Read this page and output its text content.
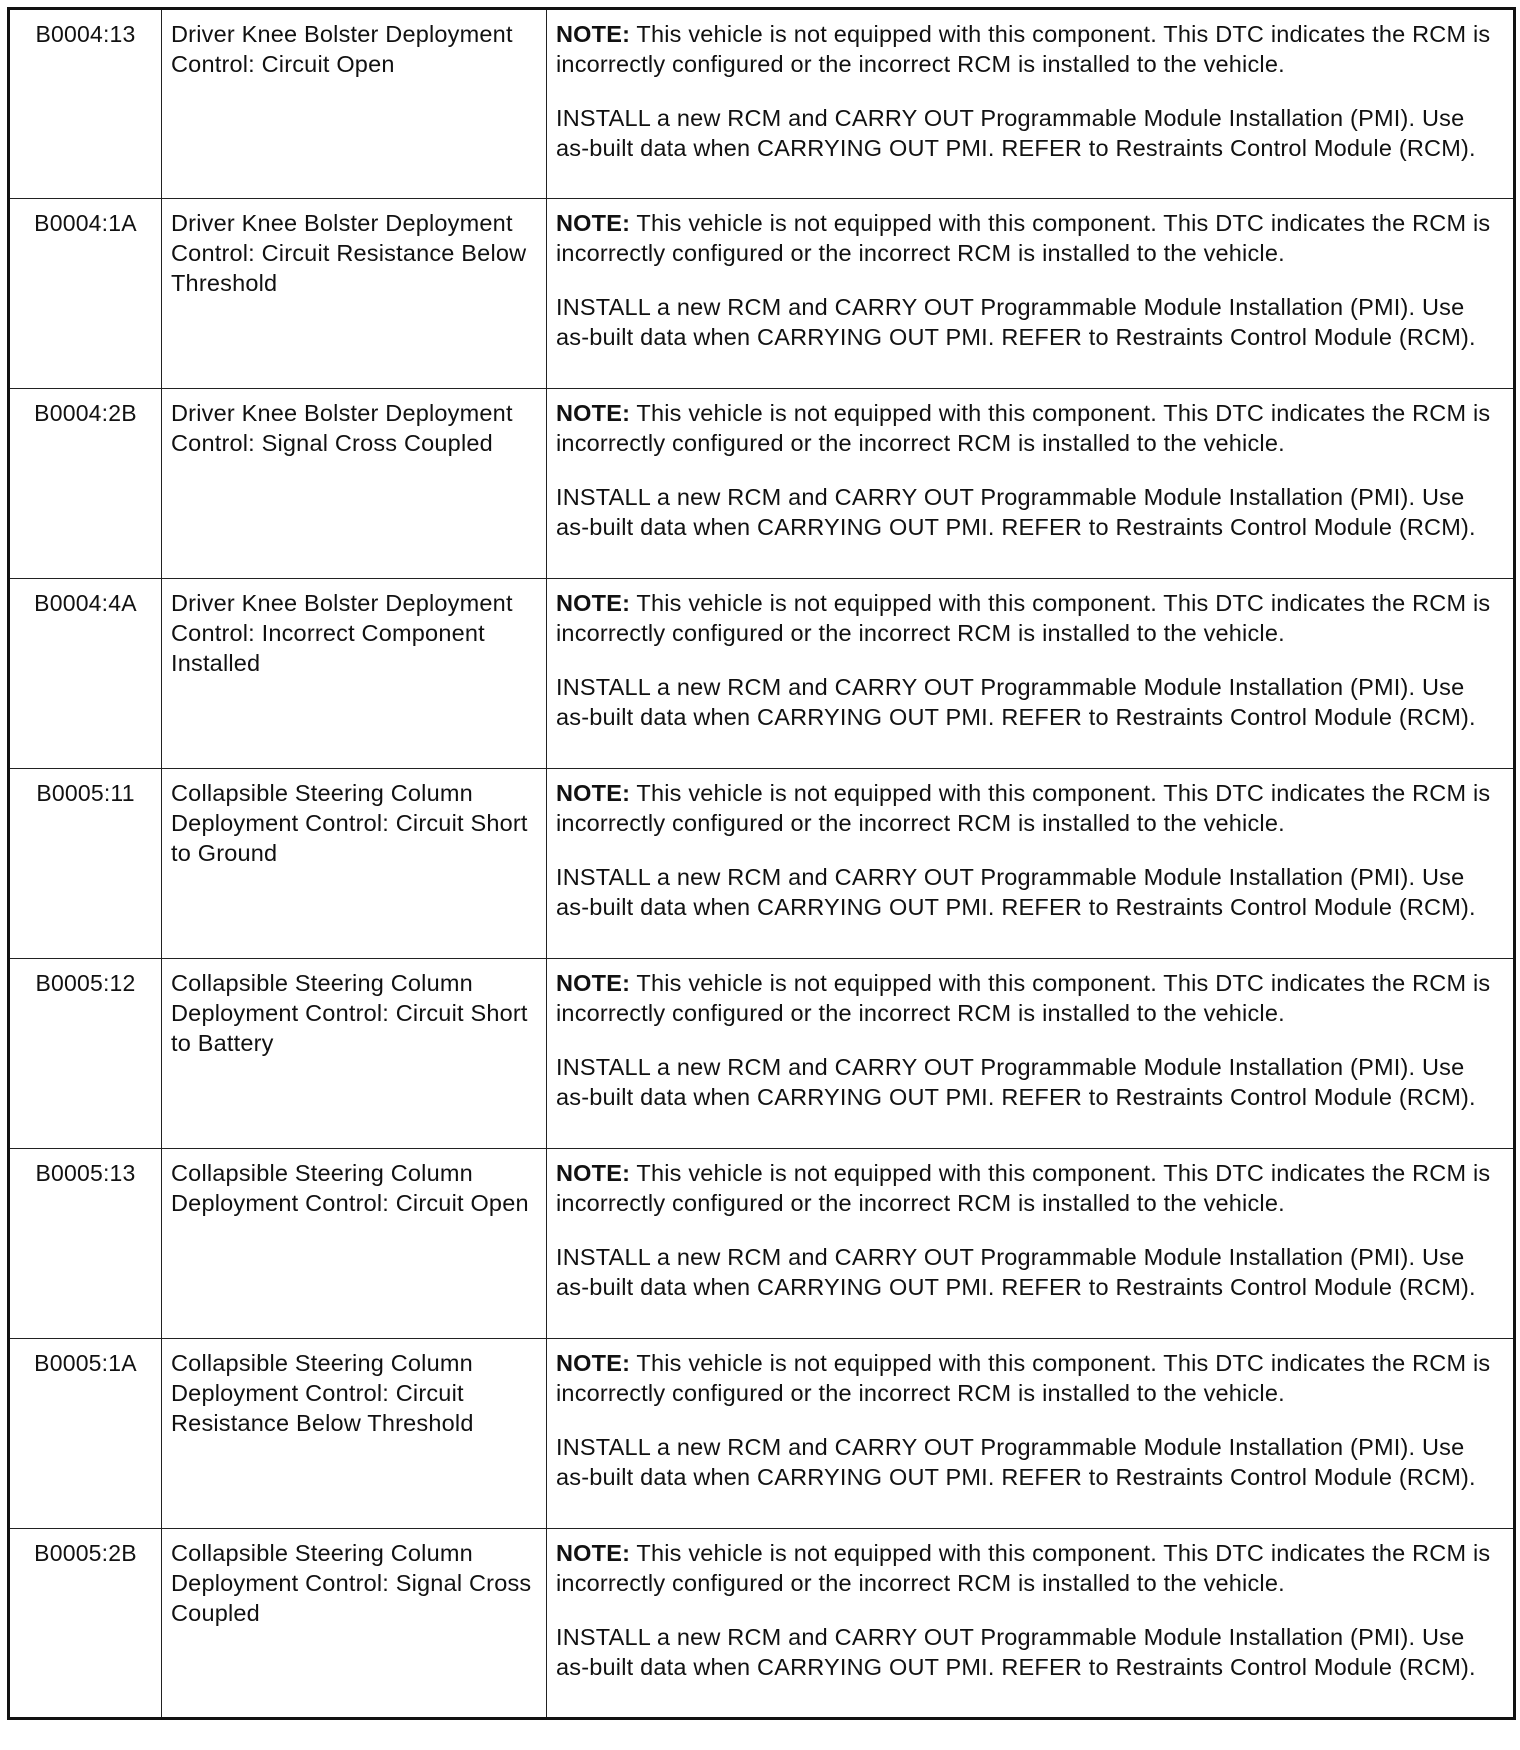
B0004:13	Driver Knee Bolster Deployment Control: Circuit Open	NOTE: This vehicle is not equipped with this component. This DTC indicates the RCM is incorrectly configured or the incorrect RCM is installed to the vehicle.

INSTALL a new RCM and CARRY OUT Programmable Module Installation (PMI). Use as-built data when CARRYING OUT PMI. REFER to Restraints Control Module (RCM).

B0004:1A	Driver Knee Bolster Deployment Control: Circuit Resistance Below Threshold	NOTE: This vehicle is not equipped with this component. This DTC indicates the RCM is incorrectly configured or the incorrect RCM is installed to the vehicle.

INSTALL a new RCM and CARRY OUT Programmable Module Installation (PMI). Use as-built data when CARRYING OUT PMI. REFER to Restraints Control Module (RCM).

B0004:2B	Driver Knee Bolster Deployment Control: Signal Cross Coupled	NOTE: This vehicle is not equipped with this component. This DTC indicates the RCM is incorrectly configured or the incorrect RCM is installed to the vehicle.

INSTALL a new RCM and CARRY OUT Programmable Module Installation (PMI). Use as-built data when CARRYING OUT PMI. REFER to Restraints Control Module (RCM).

B0004:4A	Driver Knee Bolster Deployment Control: Incorrect Component Installed	NOTE: This vehicle is not equipped with this component. This DTC indicates the RCM is incorrectly configured or the incorrect RCM is installed to the vehicle.

INSTALL a new RCM and CARRY OUT Programmable Module Installation (PMI). Use as-built data when CARRYING OUT PMI. REFER to Restraints Control Module (RCM).

B0005:11	Collapsible Steering Column Deployment Control: Circuit Short to Ground	NOTE: This vehicle is not equipped with this component. This DTC indicates the RCM is incorrectly configured or the incorrect RCM is installed to the vehicle.

INSTALL a new RCM and CARRY OUT Programmable Module Installation (PMI). Use as-built data when CARRYING OUT PMI. REFER to Restraints Control Module (RCM).

B0005:12	Collapsible Steering Column Deployment Control: Circuit Short to Battery	NOTE: This vehicle is not equipped with this component. This DTC indicates the RCM is incorrectly configured or the incorrect RCM is installed to the vehicle.

INSTALL a new RCM and CARRY OUT Programmable Module Installation (PMI). Use as-built data when CARRYING OUT PMI. REFER to Restraints Control Module (RCM).

B0005:13	Collapsible Steering Column Deployment Control: Circuit Open	NOTE: This vehicle is not equipped with this component. This DTC indicates the RCM is incorrectly configured or the incorrect RCM is installed to the vehicle.

INSTALL a new RCM and CARRY OUT Programmable Module Installation (PMI). Use as-built data when CARRYING OUT PMI. REFER to Restraints Control Module (RCM).

B0005:1A	Collapsible Steering Column Deployment Control: Circuit Resistance Below Threshold	NOTE: This vehicle is not equipped with this component. This DTC indicates the RCM is incorrectly configured or the incorrect RCM is installed to the vehicle.

INSTALL a new RCM and CARRY OUT Programmable Module Installation (PMI). Use as-built data when CARRYING OUT PMI. REFER to Restraints Control Module (RCM).

B0005:2B	Collapsible Steering Column Deployment Control: Signal Cross Coupled	NOTE: This vehicle is not equipped with this component. This DTC indicates the RCM is incorrectly configured or the incorrect RCM is installed to the vehicle.

INSTALL a new RCM and CARRY OUT Programmable Module Installation (PMI). Use as-built data when CARRYING OUT PMI. REFER to Restraints Control Module (RCM).
